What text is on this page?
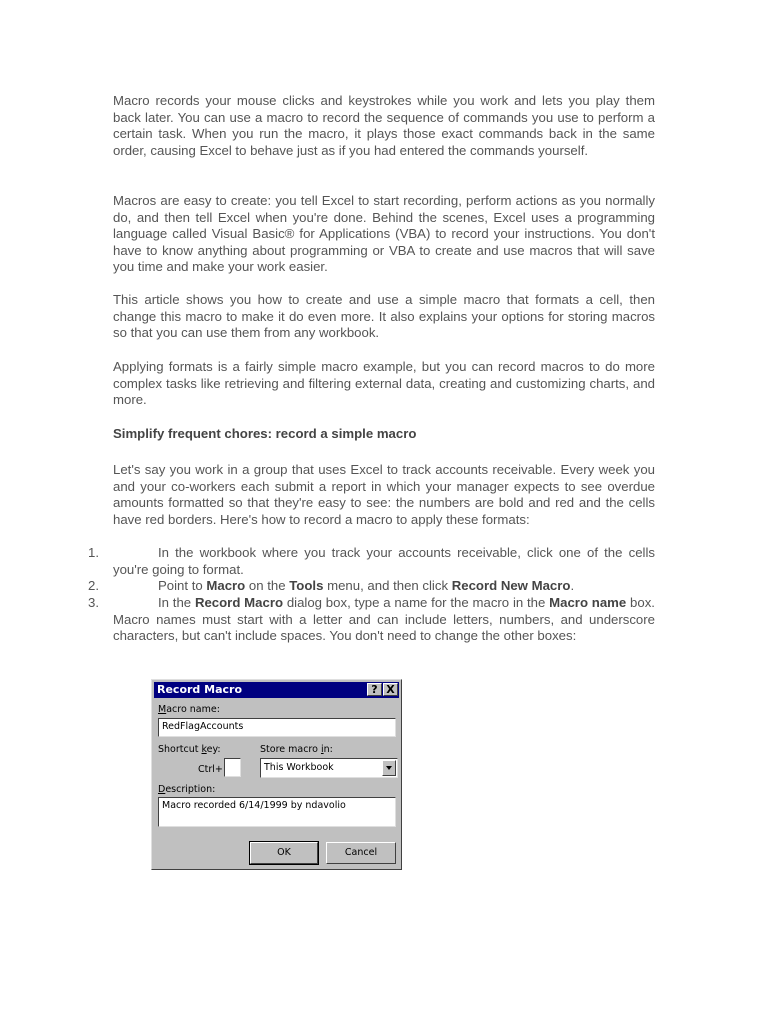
Macro records your mouse clicks and keystrokes while you work and lets you play them back later. You can use a macro to record the sequence of commands you use to perform a certain task. When you run the macro, it plays those exact commands back in the same order, causing Excel to behave just as if you had entered the commands yourself.

Macros are easy to create: you tell Excel to start recording, perform actions as you normally do, and then tell Excel when you're done. Behind the scenes, Excel uses a programming language called Visual Basic® for Applications (VBA) to record your instructions. You don't have to know anything about programming or VBA to create and use macros that will save you time and make your work easier.

This article shows you how to create and use a simple macro that formats a cell, then change this macro to make it do even more. It also explains your options for storing macros so that you can use them from any workbook.

Applying formats is a fairly simple macro example, but you can record macros to do more complex tasks like retrieving and filtering external data, creating and customizing charts, and more.

Simplify frequent chores: record a simple macro

Let's say you work in a group that uses Excel to track accounts receivable. Every week you and your co-workers each submit a report in which your manager expects to see overdue amounts formatted so that they're easy to see: the numbers are bold and red and the cells have red borders. Here's how to record a macro to apply these formats:

1.	In the workbook where you track your accounts receivable, click one of the cells you're going to format.
2.	Point to Macro on the Tools menu, and then click Record New Macro.
3.	In the Record Macro dialog box, type a name for the macro in the Macro name box. Macro names must start with a letter and can include letters, numbers, and underscore characters, but can't include spaces. You don't need to change the other boxes:
Record Macro	? X
Macro name:
RedFlagAccounts
Shortcut key:
Ctrl+
Store macro in:
This Workbook
Description:
Macro recorded 6/14/1999 by ndavolio
OK	Cancel
